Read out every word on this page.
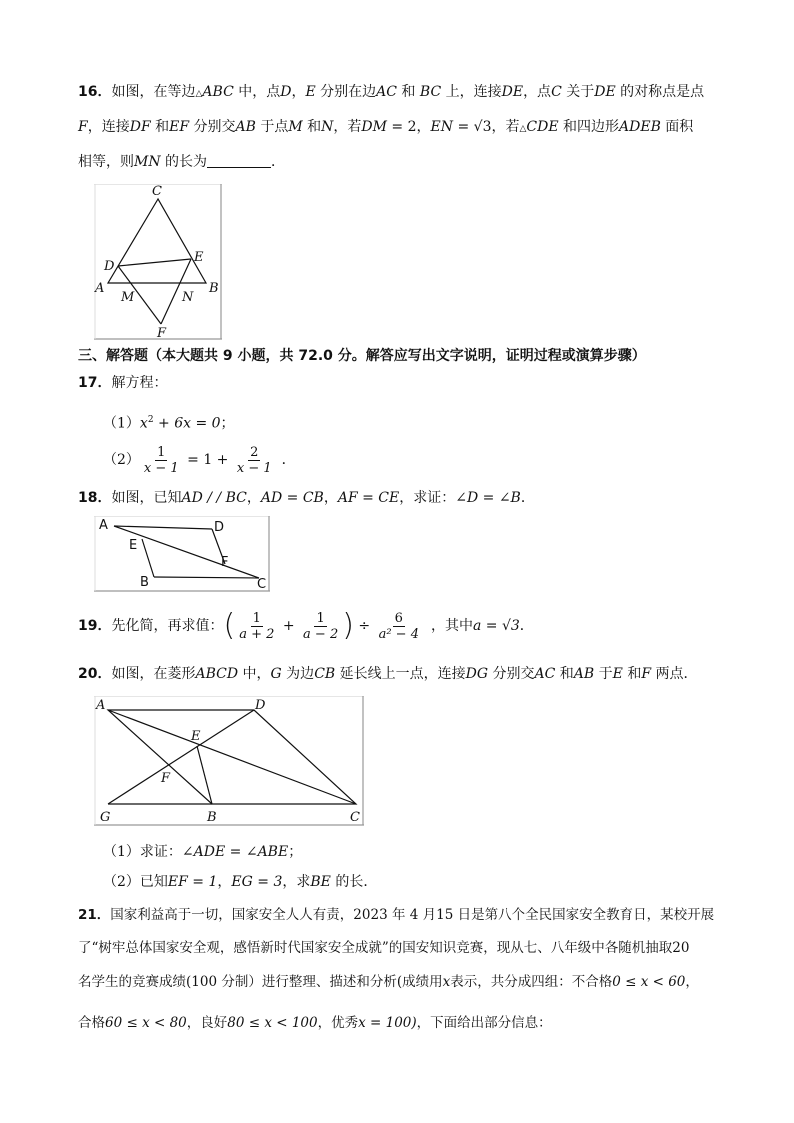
16．如图，在等边△ABC 中，点D，E 分别在边AC 和 BC 上，连接DE，点C 关于DE 的对称点是点
F，连接DF 和EF 分别交AB 于点M 和N，若DM = 2，EN = √3，若△CDE 和四边形ADEB 面积
相等，则MN 的长为	．
C
D
E
A	B
M	N
F
三、解答题（本大题共 9 小题，共 72.0 分。解答应写出文字说明，证明过程或演算步骤）
17．解方程：
$(1)x^2 + 6x = 0$；
$(2) \frac{1}{x - 1} = 1 + \frac{2}{x - 1}$ ．
18．如图，已知AD / / BC，AD = CB，AF = CE，求证：∠D = ∠B．
A	D
E
F
B	C
19．先化简，再求值：( $\frac{1}{a + 2} + \frac{1}{a - 2}$ ) ÷ $\frac{6}{\text{a² − 4}}$ ，其中a = √3．
20．如图，在菱形ABCD 中，G 为边CB 延长线上一点，连接DG 分别交AC 和AB 于E 和F 两点．
A	D
E
F
G	B	C
（1）求证：∠ADE = ∠ABE；
（2）已知EF = 1，EG = 3，求BE 的长．
21．国家利益高于一切，国家安全人人有责，2023 年 4 月15 日是第八个全民国家安全教育日，某校开展
了“树牢总体国家安全观，感悟新时代国家安全成就”的国安知识竞赛，现从七、八年级中各随机抽取20
名学生的竞赛成绩(100 分制）进行整理、描述和分析(成绩用x表示，共分成四组：不合格0 ≤ x < 60，
合格60 ≤ x < 80，良好80 ≤ x < 100，优秀x = 100)，下面给出部分信息：
